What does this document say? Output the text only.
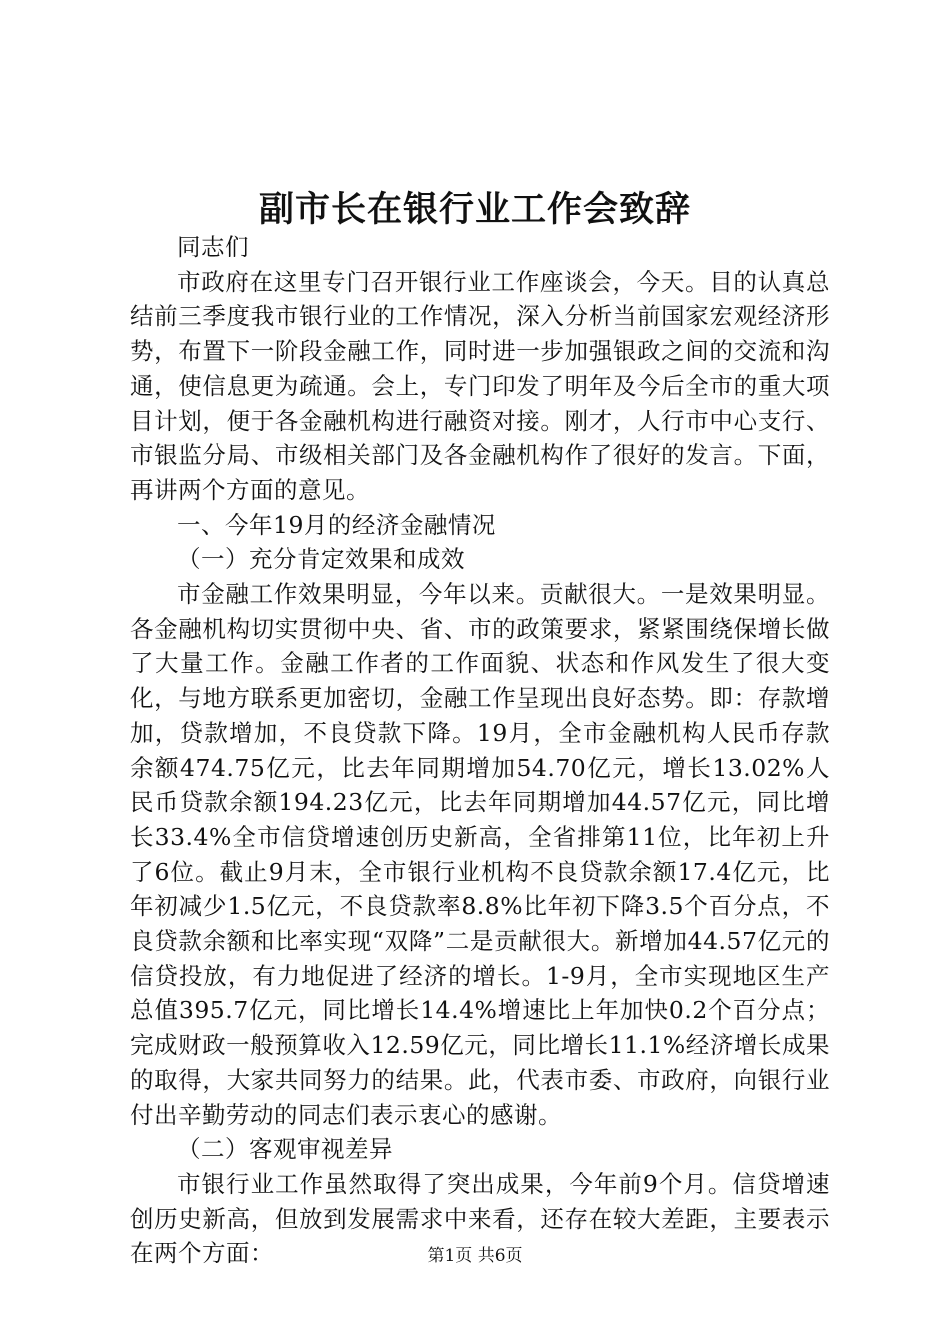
副市长在银行业工作会致辞

同志们

市政府在这里专门召开银行业工作座谈会，今天。目的认真总结前三季度我市银行业的工作情况，深入分析当前国家宏观经济形势，布置下一阶段金融工作，同时进一步加强银政之间的交流和沟通，使信息更为疏通。会上，专门印发了明年及今后全市的重大项目计划，便于各金融机构进行融资对接。刚才，人行市中心支行、市银监分局、市级相关部门及各金融机构作了很好的发言。下面，再讲两个方面的意见。

一、今年19月的经济金融情况

（一）充分肯定效果和成效

市金融工作效果明显，今年以来。贡献很大。一是效果明显。各金融机构切实贯彻中央、省、市的政策要求，紧紧围绕保增长做了大量工作。金融工作者的工作面貌、状态和作风发生了很大变化，与地方联系更加密切，金融工作呈现出良好态势。即：存款增加，贷款增加，不良贷款下降。19月，全市金融机构人民币存款余额474.75亿元，比去年同期增加54.70亿元，增长13.02%人民币贷款余额194.23亿元，比去年同期增加44.57亿元，同比增长33.4%全市信贷增速创历史新高，全省排第11位，比年初上升了6位。截止9月末，全市银行业机构不良贷款余额17.4亿元，比年初减少1.5亿元，不良贷款率8.8%比年初下降3.5个百分点，不良贷款余额和比率实现“双降”二是贡献很大。新增加44.57亿元的信贷投放，有力地促进了经济的增长。1-9月，全市实现地区生产总值395.7亿元，同比增长14.4%增速比上年加快0.2个百分点；完成财政一般预算收入12.59亿元，同比增长11.1%经济增长成果的取得，大家共同努力的结果。此，代表市委、市政府，向银行业付出辛勤劳动的同志们表示衷心的感谢。

（二）客观审视差异

市银行业工作虽然取得了突出成果，今年前9个月。信贷增速创历史新高，但放到发展需求中来看，还存在较大差距，主要表示在两个方面：	第1页 共6页
